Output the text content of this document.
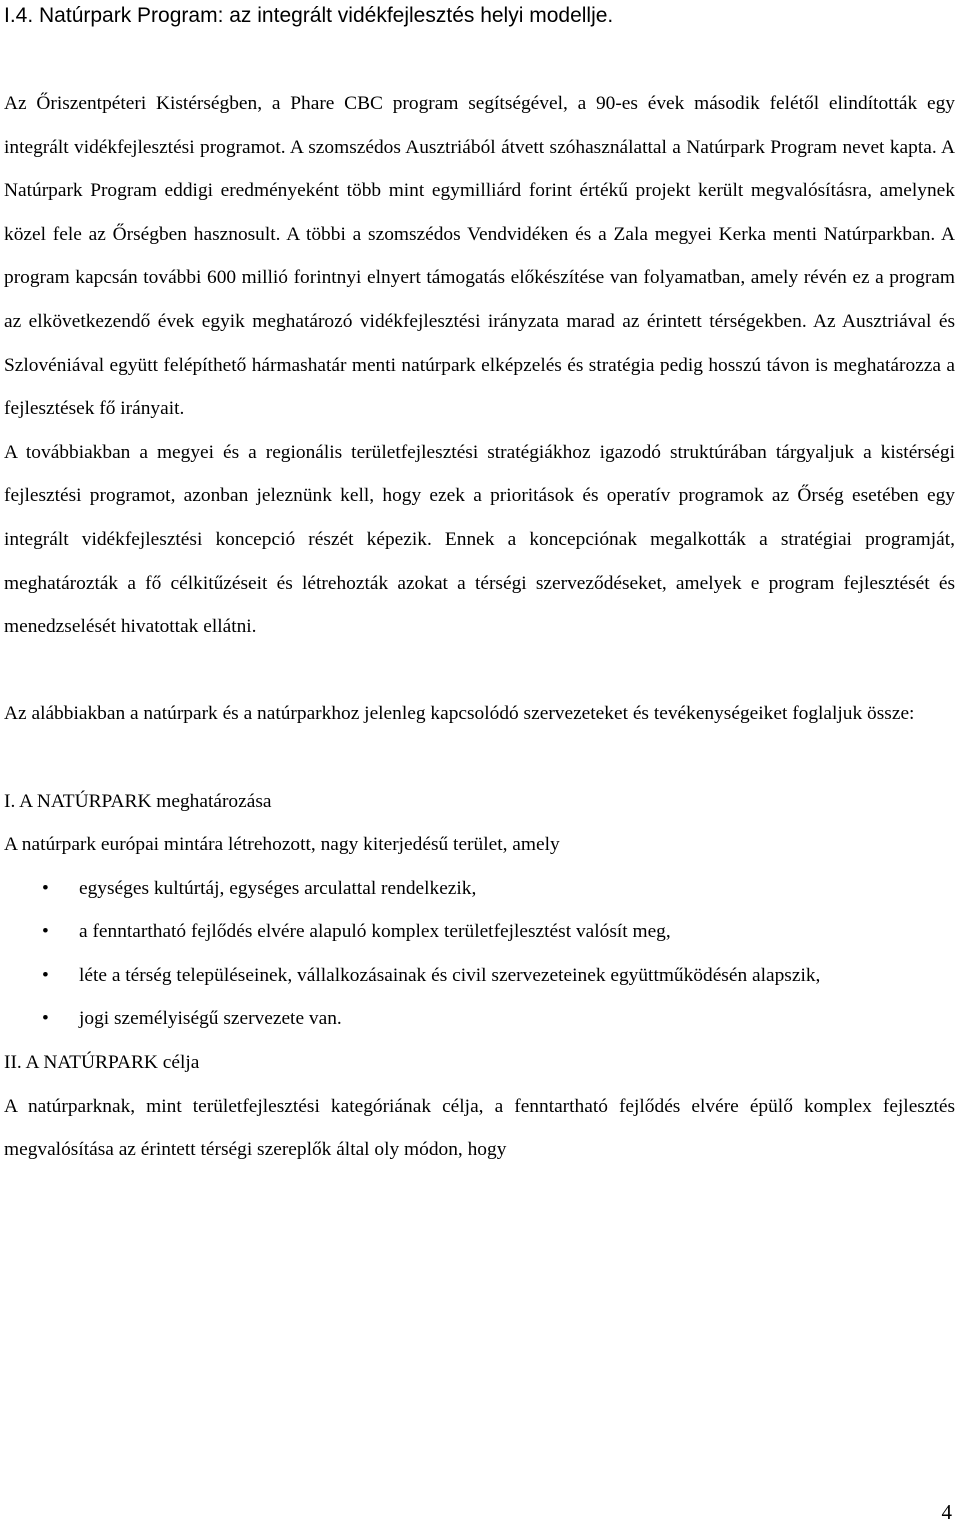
I.4. Natúrpark Program: az integrált vidékfejlesztés helyi modellje.

Az Őriszentpéteri Kistérségben, a Phare CBC program segítségével, a 90-es évek második felétől elindították egy integrált vidékfejlesztési programot. A szomszédos Ausztriából átvett szóhasználattal a Natúrpark Program nevet kapta. A Natúrpark Program eddigi eredményeként több mint egymilliárd forint értékű projekt került megvalósításra, amelynek közel fele az Őrségben hasznosult. A többi a szomszédos Vendvidéken és a Zala megyei Kerka menti Natúrparkban. A program kapcsán további 600 millió forintnyi elnyert támogatás előkészítése van folyamatban, amely révén ez a program az elkövetkezendő évek egyik meghatározó vidékfejlesztési irányzata marad az érintett térségekben. Az Ausztriával és Szlovéniával együtt felépíthető hármashatár menti natúrpark elképzelés és stratégia pedig hosszú távon is meghatározza a fejlesztések fő irányait.

A továbbiakban a megyei és a regionális területfejlesztési stratégiákhoz igazodó struktúrában tárgyaljuk a kistérségi fejlesztési programot, azonban jeleznünk kell, hogy ezek a prioritások és operatív programok az Őrség esetében egy integrált vidékfejlesztési koncepció részét képezik. Ennek a koncepciónak megalkották a stratégiai programját, meghatározták a fő célkitűzéseit és létrehozták azokat a térségi szerveződéseket, amelyek e program fejlesztését és menedzselését hivatottak ellátni.

Az alábbiakban a natúrpark és a natúrparkhoz jelenleg kapcsolódó szervezeteket és tevékenységeiket foglaljuk össze:

I. A NATÚRPARK meghatározása

A natúrpark európai mintára létrehozott, nagy kiterjedésű terület, amely

•	egységes kultúrtáj, egységes arculattal rendelkezik,
•	a fenntartható fejlődés elvére alapuló komplex területfejlesztést valósít meg,
•	léte a térség településeinek, vállalkozásainak és civil szervezeteinek együttműködésén alapszik,
•	jogi személyiségű szervezete van.

II. A NATÚRPARK célja

A natúrparknak, mint területfejlesztési kategóriának célja, a fenntartható fejlődés elvére épülő komplex fejlesztés megvalósítása az érintett térségi szereplők által oly módon, hogy

4
